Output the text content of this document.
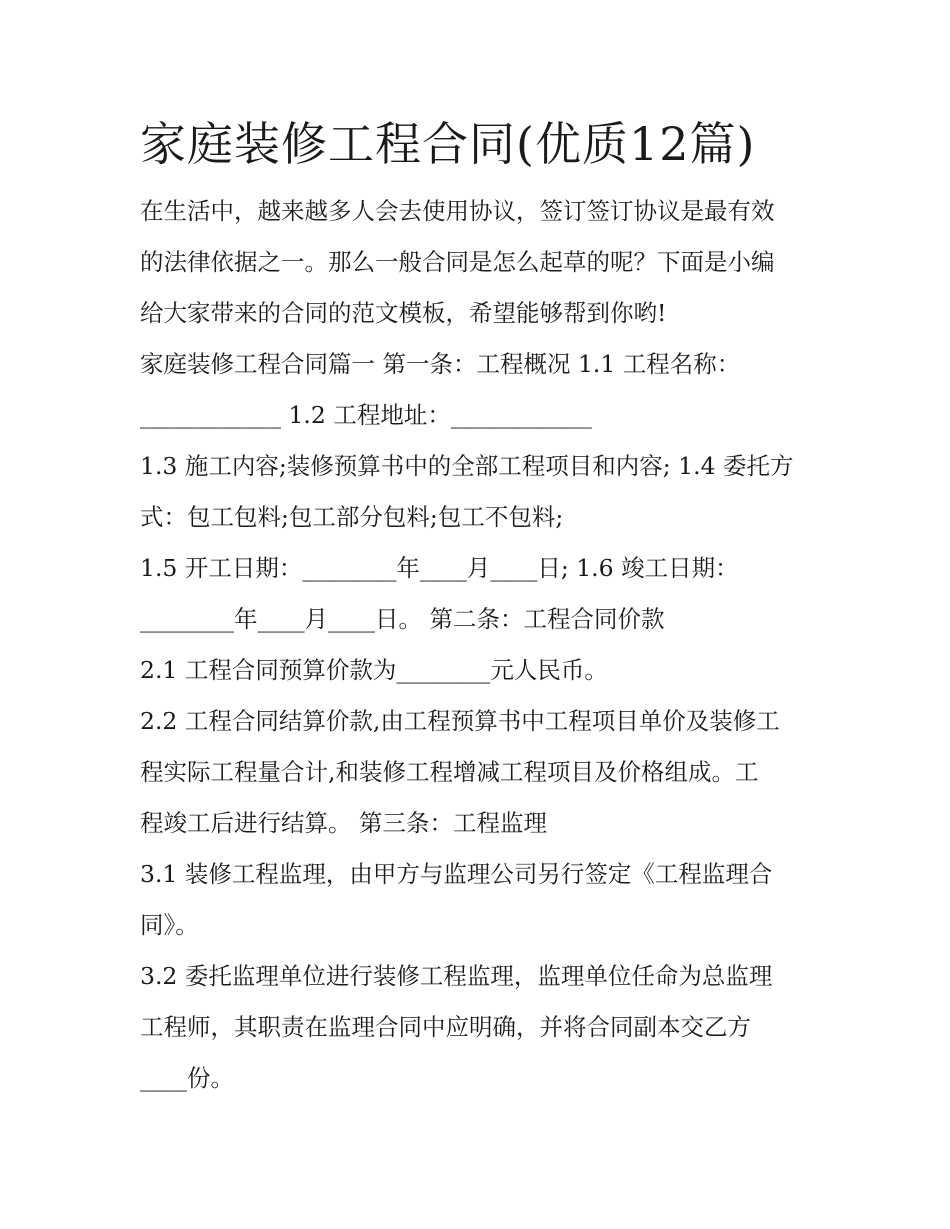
家庭装修工程合同(优质12篇)
在生活中，越来越多人会去使用协议，签订签订协议是最有效
的法律依据之一。那么一般合同是怎么起草的呢？下面是小编
给大家带来的合同的范文模板，希望能够帮到你哟!
家庭装修工程合同篇一 第一条：工程概况 1.1 工程名称：
____________ 1.2 工程地址：____________
1.3 施工内容;装修预算书中的全部工程项目和内容; 1.4 委托方
式：包工包料;包工部分包料;包工不包料;
1.5 开工日期：________年____月____日; 1.6 竣工日期：
________年____月____日。 第二条：工程合同价款
2.1 工程合同预算价款为________元人民币。
2.2 工程合同结算价款,由工程预算书中工程项目单价及装修工
程实际工程量合计,和装修工程增减工程项目及价格组成。工
程竣工后进行结算。 第三条：工程监理
3.1 装修工程监理，由甲方与监理公司另行签定《工程监理合
同》。
3.2 委托监理单位进行装修工程监理，监理单位任命为总监理
工程师，其职责在监理合同中应明确，并将合同副本交乙方
____份。
